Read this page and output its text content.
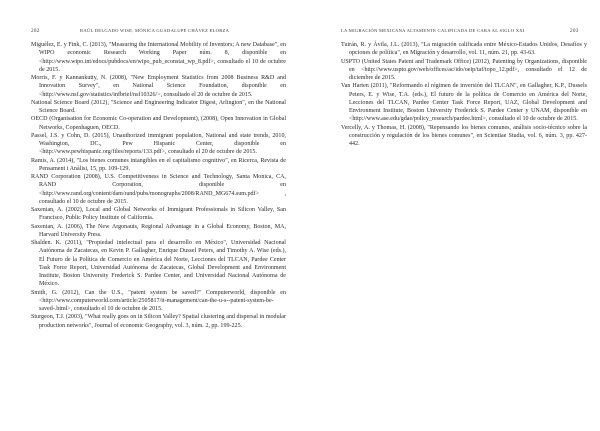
202	RAÚL DELGADO WISE, MÓNICA GUADALUPE CHÁVEZ ELORZA

Miguélez, E. y Fink, C. (2013), "Measuring the International Mobility of Inventors; A new Database", en WIPO economic Research Working Paper núm. 8, disponible en <http://www.wipo.int/edocs/pubdocs/en/wipo_pub_econstat_wp_8.pdf>, consultado el 10 de octubre de 2015.

Morris, F. y Kannankutty, N. (2008), "New Employment Statistics from 2008 Business R&D and Innovation Survey", en National Science Foundation, disponible en <http://www.nsf.gov/statistics/infbrief/nsf10326/>, consultado el 20 de octubre de 2015.

National Science Board (2012), "Science and Engineering Indicator Digest, Arlington", en the National Science Board.

OECD (Organisation for Economic Co-operation and Development), (2008), Open Innovation in Global Networks, Copenhaguen, OECD.

Passel, J.S. y Cohn, D. (2015), Unauthorized immigrant population, National and state trends, 2010, Washington, DC., Pew Hispanic Center, disponible en <http://www.pewhispanic.org/files/reports/133.pdf>, consultado el 20 de octubre de 2015.

Ramis, A. (2014), "Los bienes comunes intangibles en el capitalismo cognitivo", en Ricerca, Revista de Pensament i Anàlisi, 15, pp. 109-129.

RAND Corporation (2008), U.S. Competitiveness in Science and Technology, Santa Monica, CA, RAND Corporation, disponible en <http://www.rand.org/content/dam/rand/pubs/monographs/2008/RAND_MG674.sum.pdf> , consultado el 10 de octubre de 2015.

Saxenian, A. (2002), Local and Global Networks of Immigrant Professionals in Silicon Valley, San Francisco, Public Policy Institute of California.

Saxenian, A. (2006), The New Argonauts, Regional Advantage in a Global Economy, Boston, MA, Harvard University Press.

Shalden. K. (2011), "Propiedad intelectual para el desarrollo en México", Universidad Nacional Autónoma de Zacatecas, en Kevin P. Gallagher, Enrique Dussel Peters, and Timothy A. Wise (eds.), El Futuro de la Política de Comercio en América del Norte, Lecciones del TLCAN, Pardee Center Task Force Report, Universidad Autónoma de Zacatecas, Global Development and Environment Institute, Boston University Frederick S. Pardee Center, and Universidad Nacional Autónoma de México.

Smith, G. (2012), Can the U.S., "patent system be saved?" Computerworld, disponible en <http://www.computerworld.com/article/2505817/it-management/can-the-u-s--patent-system-be-saved-.html>, consultado el 10 de octubre de 2015.

Sturgeon, T.J. (2003), "What really goes on in Silicon Valley? Spatial clustering and dispersal in modular production networks", Journal of economic Geography, vol. 3, núm. 2, pp. 199-225.

LA MIGRACIÓN MEXICANA ALTAMENTE CALIFICADA DE CARA AL SIGLO XXI	203

Tuirán, R. y Ávila, J.L. (2013), "La migración calificada entre México-Estados Unidos, Desafíos y opciones de política", en Migración y desarrollo, vol. 11, núm. 21, pp. 43-63.

USPTO (United States Patent and Trademark Office) (2012), Patenting by Organizations, disponible en <http://www.uspto.gov/web/offices/ac/ido/oeip/taf/topo_12.pdf>, consultado el 12 de diciembre de 2015.

Van Harten (2011), "Reformando el régimen de inversión del TLCAN", en Gallagher, K.P., Dussels Peters, E. y Wise, T.A. (eds.), El futuro de la política de Comercio en América del Norte, Lecciones del TLCAN, Pardee Center Task Force Report, UAZ, Global Development and Environment Institute, Boston University Frederick S. Pardee Center y UNAM, disponible en <http://www.ase.edu/gdae/policy_research/pardee.html>, consultado el 10 de octubre de 2015.

Vercelly, A. y Thomas, H. (2008), "Repensando los bienes comunes, análisis socio-técnico sobre la construcción y regulación de los bienes comunes", en Scientiae Studia, vol. 6, núm. 3, pp. 427-442.
